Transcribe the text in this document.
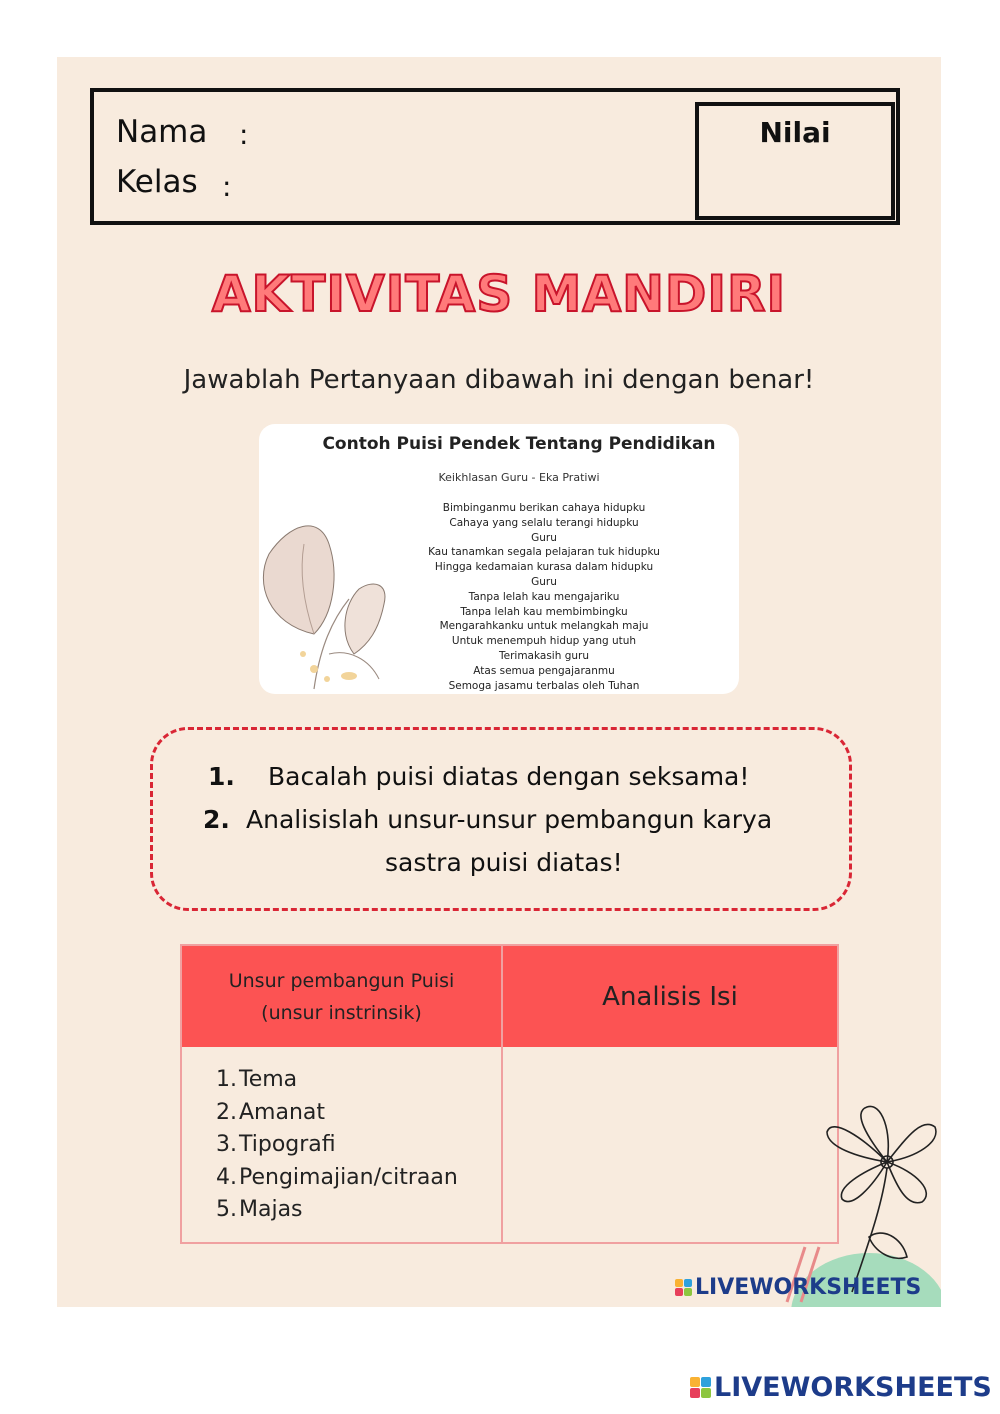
Nama :
Kelas :
Nilai
AKTIVITAS MANDIRI
Jawablah Pertanyaan dibawah ini dengan benar!
Contoh Puisi Pendek Tentang Pendidikan
Keikhlasan Guru - Eka Pratiwi
Bimbinganmu berikan cahaya hidupku
Cahaya yang selalu terangi hidupku
Guru
Kau tanamkan segala pelajaran tuk hidupku
Hingga kedamaian kurasa dalam hidupku
Guru
Tanpa lelah kau mengajariku
Tanpa lelah kau membimbingku
Mengarahkanku untuk melangkah maju
Untuk menempuh hidup yang utuh
Terimakasih guru
Atas semua pengajaranmu
Semoga jasamu terbalas oleh Tuhan
1. Bacalah puisi diatas dengan seksama!
2. Analisislah unsur-unsur pembangun karya
sastra puisi diatas!
Unsur pembangun Puisi
(unsur instrinsik)
Analisis Isi
1.Tema
2.Amanat
3.Tipografi
4.Pengimajian/citraan
5.Majas
LIVEWORKSHEETS
LIVEWORKSHEETS
